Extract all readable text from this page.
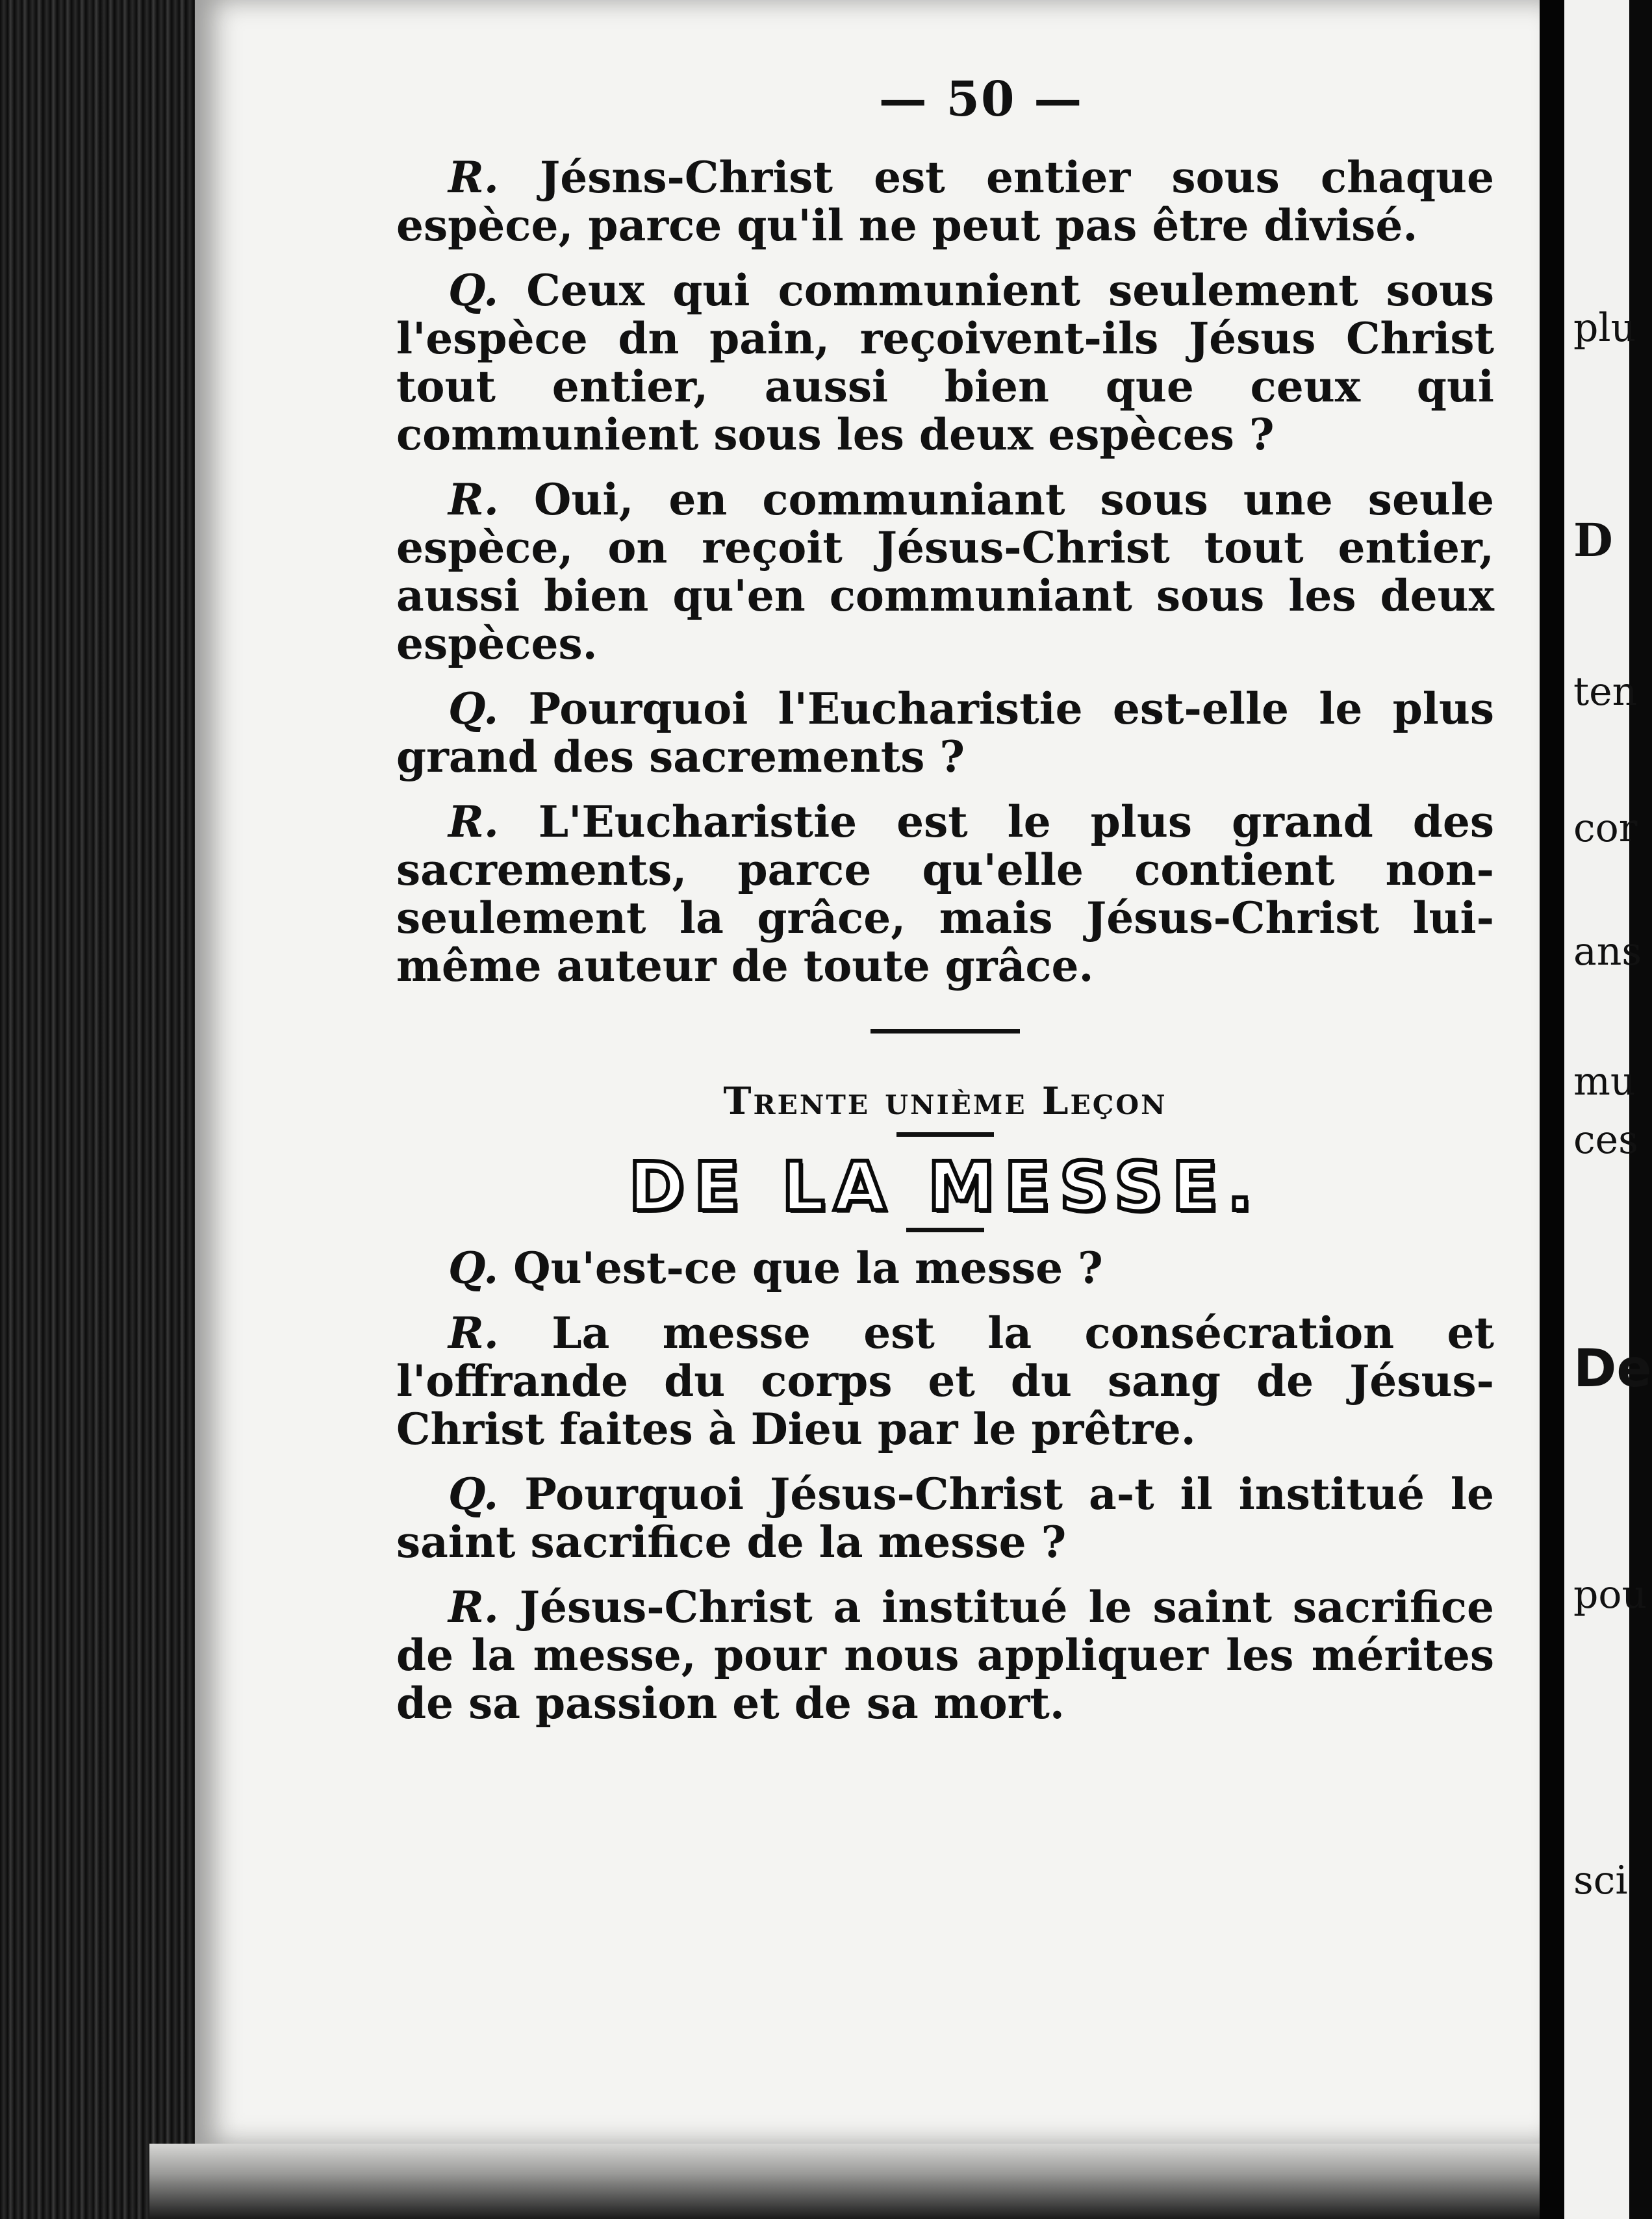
plu
D
ten
cor
ans
mu
ces
De
pou
sci
— 50 —

R. Jésns-Christ est entier sous chaque espèce, parce qu'il ne peut pas être divisé.

Q. Ceux qui communient seulement sous l'espèce dn pain, reçoivent-ils Jésus Christ tout entier, aussi bien que ceux qui communient sous les deux espèces ?

R. Oui, en communiant sous une seule espèce, on reçoit Jésus-Christ tout entier, aussi bien qu'en communiant sous les deux espèces.

Q. Pourquoi l'Eucharistie est-elle le plus grand des sacrements ?

R. L'Eucharistie est le plus grand des sacrements, parce qu'elle contient non-seulement la grâce, mais Jésus-Christ lui-même auteur de toute grâce.

Trente unième Leçon
DE LA MESSE.

Q. Qu'est-ce que la messe ?

R. La messe est la consécration et l'offrande du corps et du sang de Jésus-Christ faites à Dieu par le prêtre.

Q. Pourquoi Jésus-Christ a-t il institué le saint sacrifice de la messe ?

R. Jésus-Christ a institué le saint sacrifice de la messe, pour nous appliquer les mérites de sa passion et de sa mort.
